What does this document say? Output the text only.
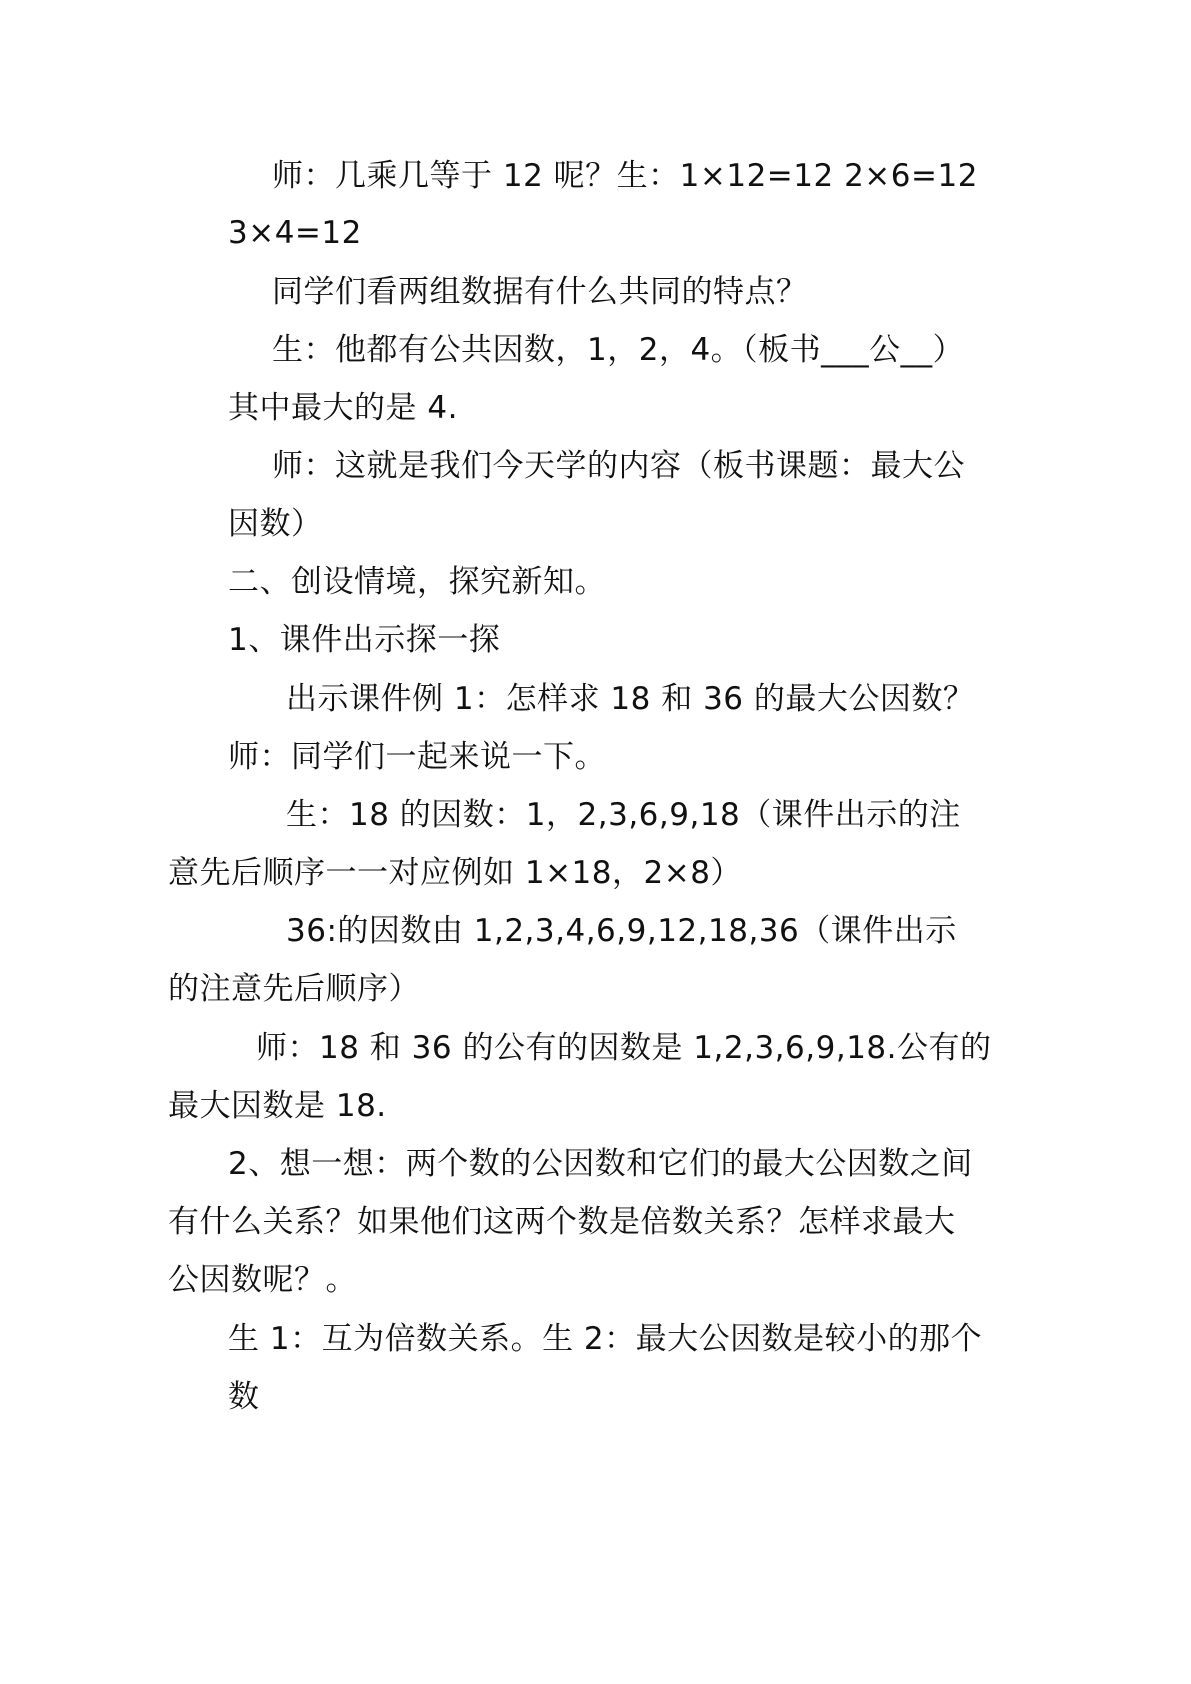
师：几乘几等于 12 呢？生：1×12=12 2×6=12
3×4=12
同学们看两组数据有什么共同的特点？
生：他都有公共因数，1，2，4。（板书___公__）
其中最大的是 4.
师：这就是我们今天学的内容（板书课题：最大公
因数）
二、创设情境，探究新知。
1、课件出示探一探
出示课件例 1：怎样求 18 和 36 的最大公因数？
师：同学们一起来说一下。
生：18 的因数：1，2,3,6,9,18（课件出示的注
意先后顺序一一对应例如 1×18，2×8）
36:的因数由 1,2,3,4,6,9,12,18,36（课件出示
的注意先后顺序）
师：18 和 36 的公有的因数是 1,2,3,6,9,18.公有的
最大因数是 18.
2、想一想：两个数的公因数和它们的最大公因数之间
有什么关系？如果他们这两个数是倍数关系？怎样求最大
公因数呢？。
生 1：互为倍数关系。生 2：最大公因数是较小的那个
数
